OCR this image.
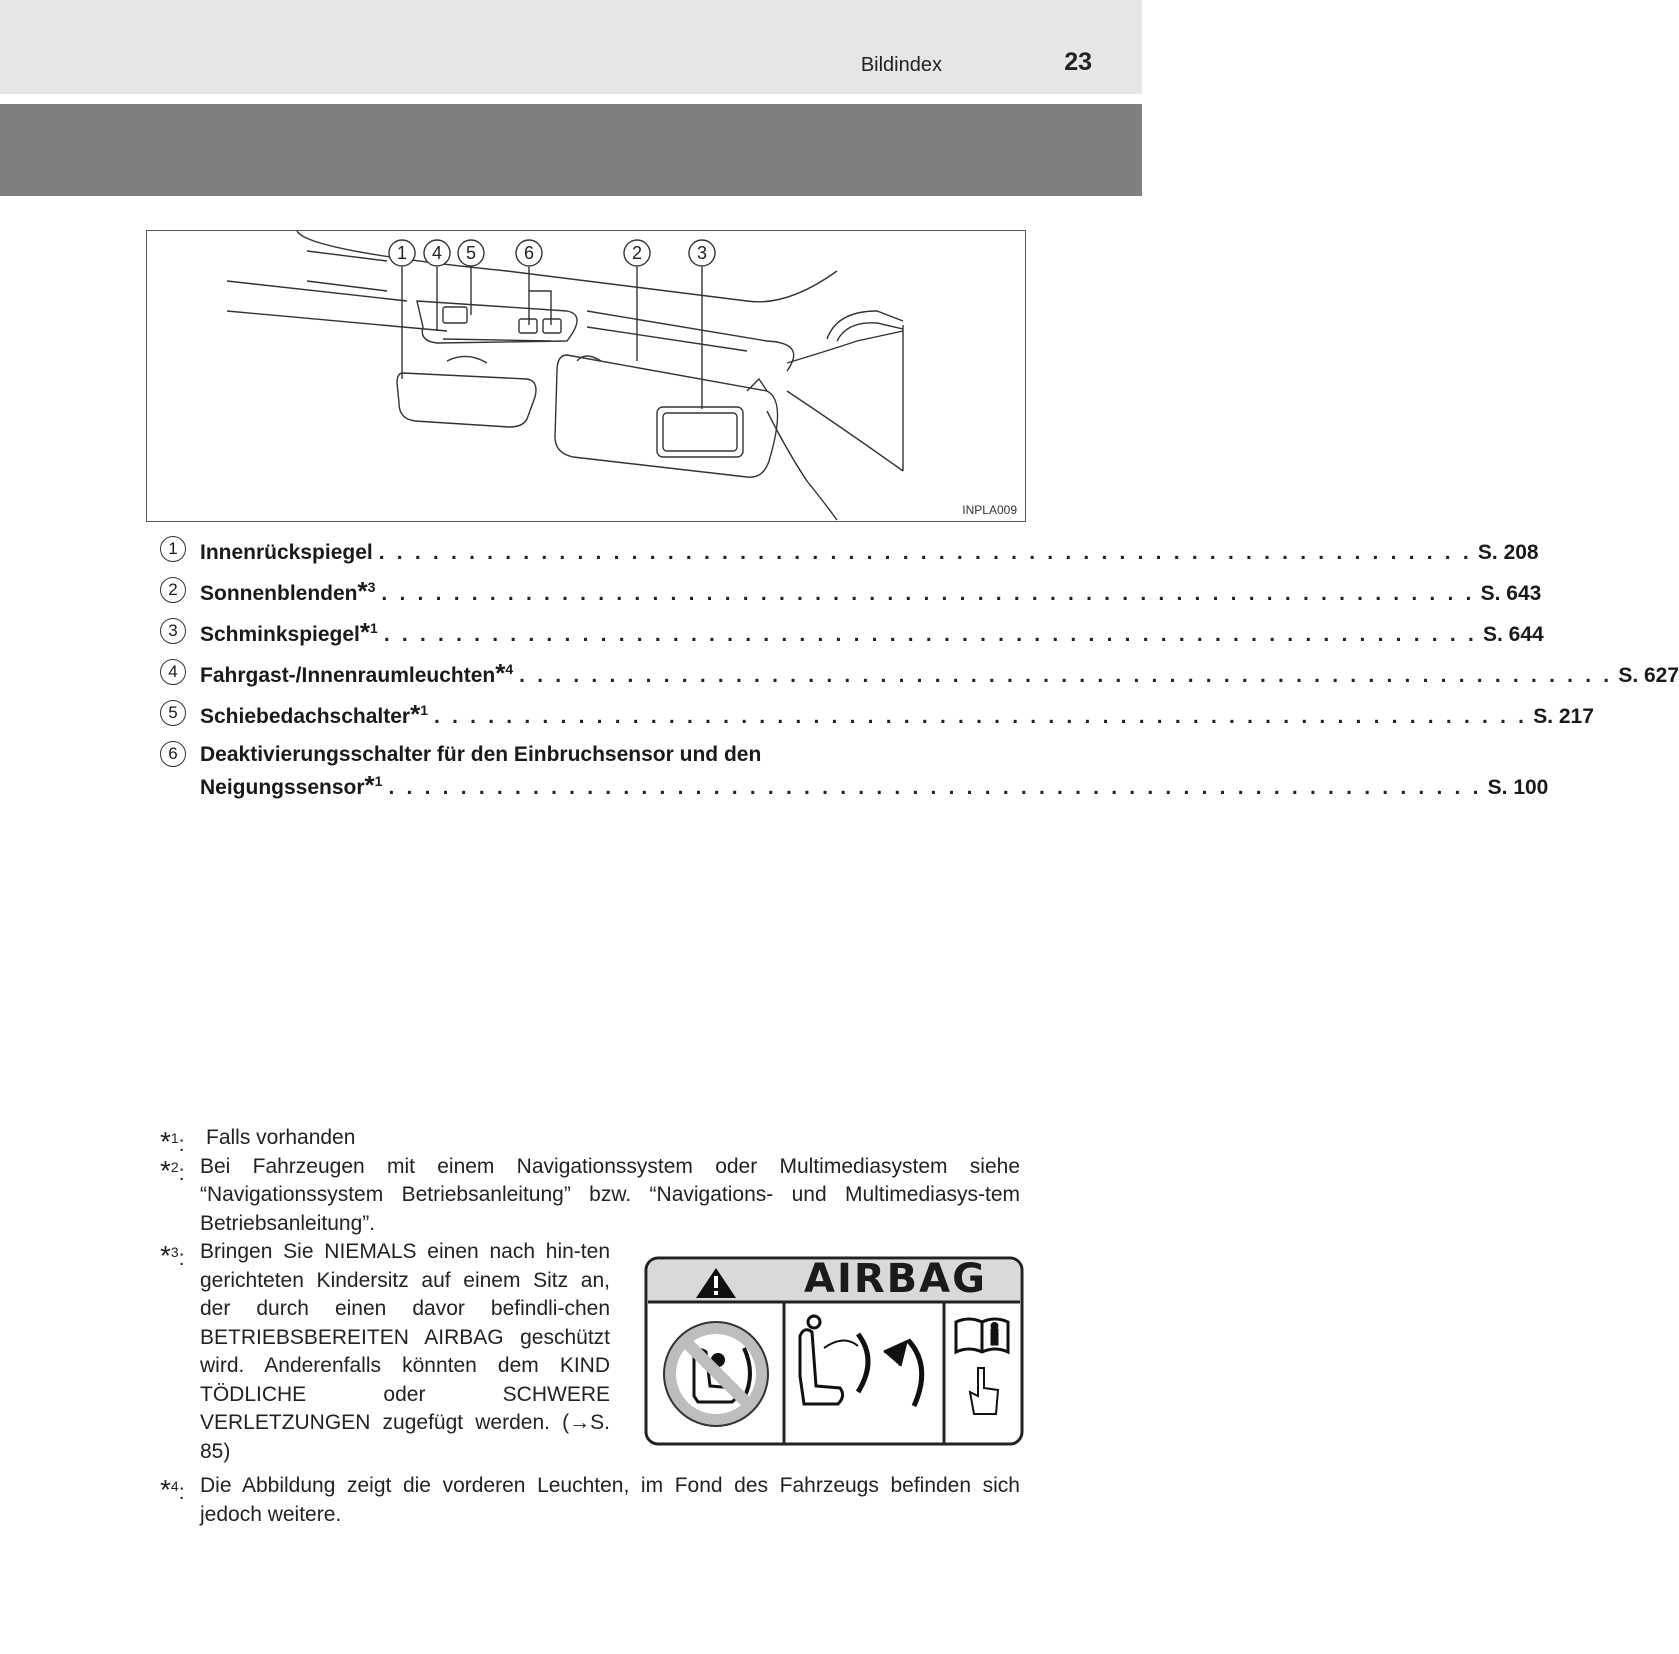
Bildindex	23
1 4 5	6	2	3
INPLA009
1	Innenrückspiegel . . . . . . . . . . . . . . . . . . . . . . . . . . . . . . . . . . . . . . . . . . . . . . . . . . . . . . . . . . . . . S. 208
2	Sonnenblenden*$^3$ . . . . . . . . . . . . . . . . . . . . . . . . . . . . . . . . . . . . . . . . . . . . . . . . . . . . . . . . . . . . . S. 643
3	Schminkspiegel*$^1$ . . . . . . . . . . . . . . . . . . . . . . . . . . . . . . . . . . . . . . . . . . . . . . . . . . . . . . . . . . . . . S. 644
4	Fahrgast-/Innenraumleuchten*$^4$ . . . . . . . . . . . . . . . . . . . . . . . . . . . . . . . . . . . . . . . . . . . . . . . . . . . . . . . . . . . . . S. 627
5	Schiebedachschalter*$^1$ . . . . . . . . . . . . . . . . . . . . . . . . . . . . . . . . . . . . . . . . . . . . . . . . . . . . . . . . . . . . . S. 217
6	Deaktivierungsschalter für den Einbruchsensor und den
Neigungssensor*$^1$ . . . . . . . . . . . . . . . . . . . . . . . . . . . . . . . . . . . . . . . . . . . . . . . . . . . . . . . . . . . . . S. 100
*$^1$: Falls vorhanden
*$^2$: Bei Fahrzeugen mit einem Navigationssystem oder Multimediasystem siehe “Navigationssystem Betriebsanleitung” bzw. “Navigations- und Multimediasys-tem Betriebsanleitung”.
*$^3$: Bringen Sie NIEMALS einen nach hin-ten gerichteten Kindersitz auf einem Sitz an, der durch einen davor befindli-chen BETRIEBSBEREITEN AIRBAG geschützt wird. Anderenfalls könnten dem KIND TÖDLICHE oder SCHWERE VERLETZUNGEN zugefügt werden. (→S. 85)
*$^4$: Die Abbildung zeigt die vorderen Leuchten, im Fond des Fahrzeugs befinden sich jedoch weitere.
AIRBAG
